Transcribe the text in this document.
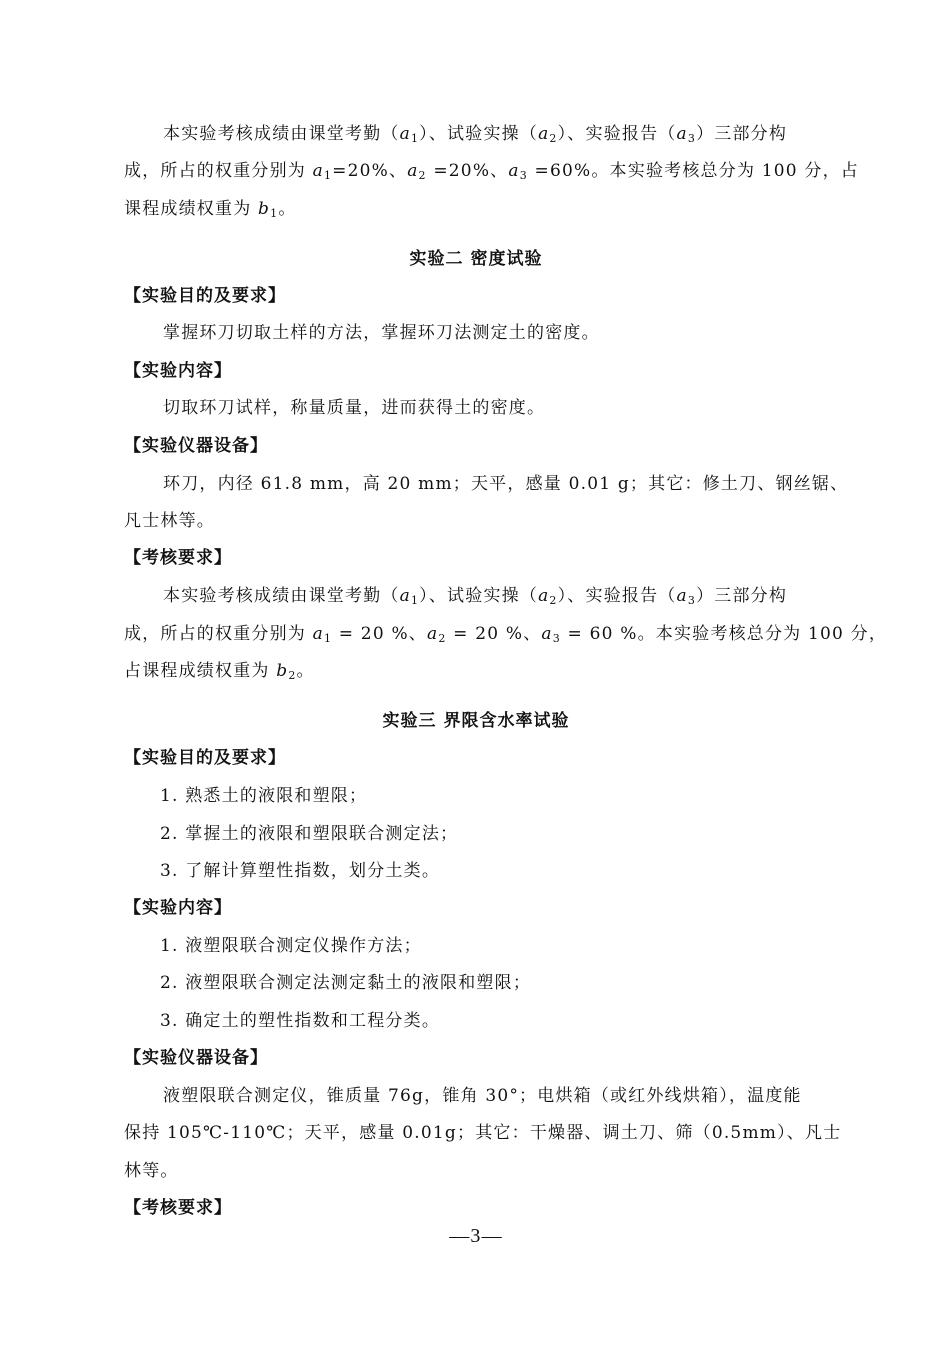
本实验考核成绩由课堂考勤$(a_1)$、试验实操$(a_2)$、实验报告$(a_3)$三部分构
成，所占的权重分别为 $a_1=20\%$、$a_2 =20\%$、$a_3 =60\%$。本实验考核总分为 100 分，占
课程成绩权重为 $b_1$。
实验二 密度试验
【实验目的及要求】
掌握环刀切取土样的方法，掌握环刀法测定土的密度。
【实验内容】
切取环刀试样，称量质量，进而获得土的密度。
【实验仪器设备】
环刀，内径 61.8 mm，高 20 mm；天平，感量 0.01 g；其它：修土刀、钢丝锯、
凡士林等。
【考核要求】
本实验考核成绩由课堂考勤$(a_1)$、试验实操$(a_2)$、实验报告$(a_3)$三部分构
成，所占的权重分别为 $a_1 = 20$ %、$a_2 = 20$ %、$a_3 = 60$ %。本实验考核总分为 100 分，
占课程成绩权重为 $b_2$。
实验三 界限含水率试验
【实验目的及要求】
1. 熟悉土的液限和塑限；
2. 掌握土的液限和塑限联合测定法；
3. 了解计算塑性指数，划分土类。
【实验内容】
1. 液塑限联合测定仪操作方法；
2. 液塑限联合测定法测定黏土的液限和塑限；
3. 确定土的塑性指数和工程分类。
【实验仪器设备】
液塑限联合测定仪，锥质量 76g，锥角 30°；电烘箱（或红外线烘箱），温度能
保持 105℃-110℃；天平，感量 0.01g；其它：干燥器、调土刀、筛（0.5mm）、凡士
林等。
【考核要求】
—3—
